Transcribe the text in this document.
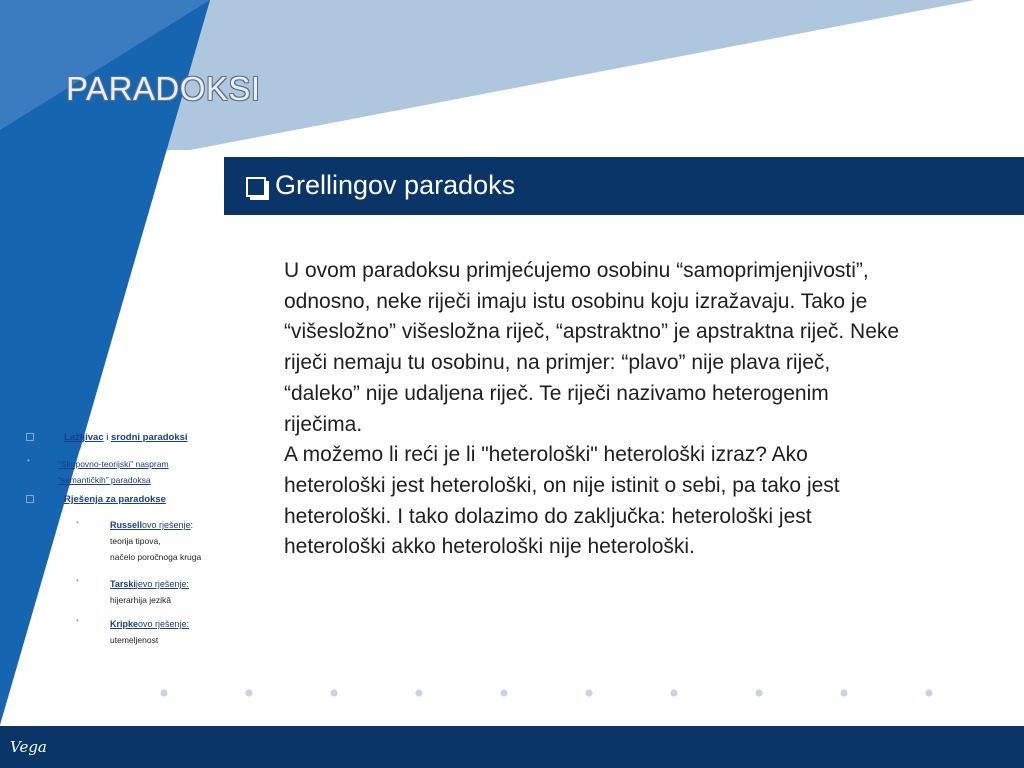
PARADOKSI
Grellingov paradoks

U ovom paradoksu primjećujemo osobinu “samoprimjenjivosti”, odnosno, neke riječi imaju istu osobinu koju izražavaju. Tako je “višesložno” višesložna riječ, “apstraktno” je apstraktna riječ. Neke riječi nemaju tu osobinu, na primjer: “plavo” nije plava riječ, “daleko” nije udaljena riječ. Te riječi nazivamo heterogenim riječima.

A možemo li reći je li "heterološki" heterološki izraz? Ako heterološki jest heterološki, on nije istinit o sebi, pa tako jest heterološki. I tako dolazimo do zaključka: heterološki jest heterološki akko heterološki nije heterološki.

Lažljivac i srodni paradoksi
•	“Skupovno-teorijski” naspram
“semantičkih” paradoksa
Rješenja za paradokse
•	Russellovo rješenje:
teorija tipova,
načelo poročnoga kruga
•	Tarskijevo rješenje:
hijerarhija jezikâ
•	Kripkeovo rješenje:
utemeljenost
Vega
